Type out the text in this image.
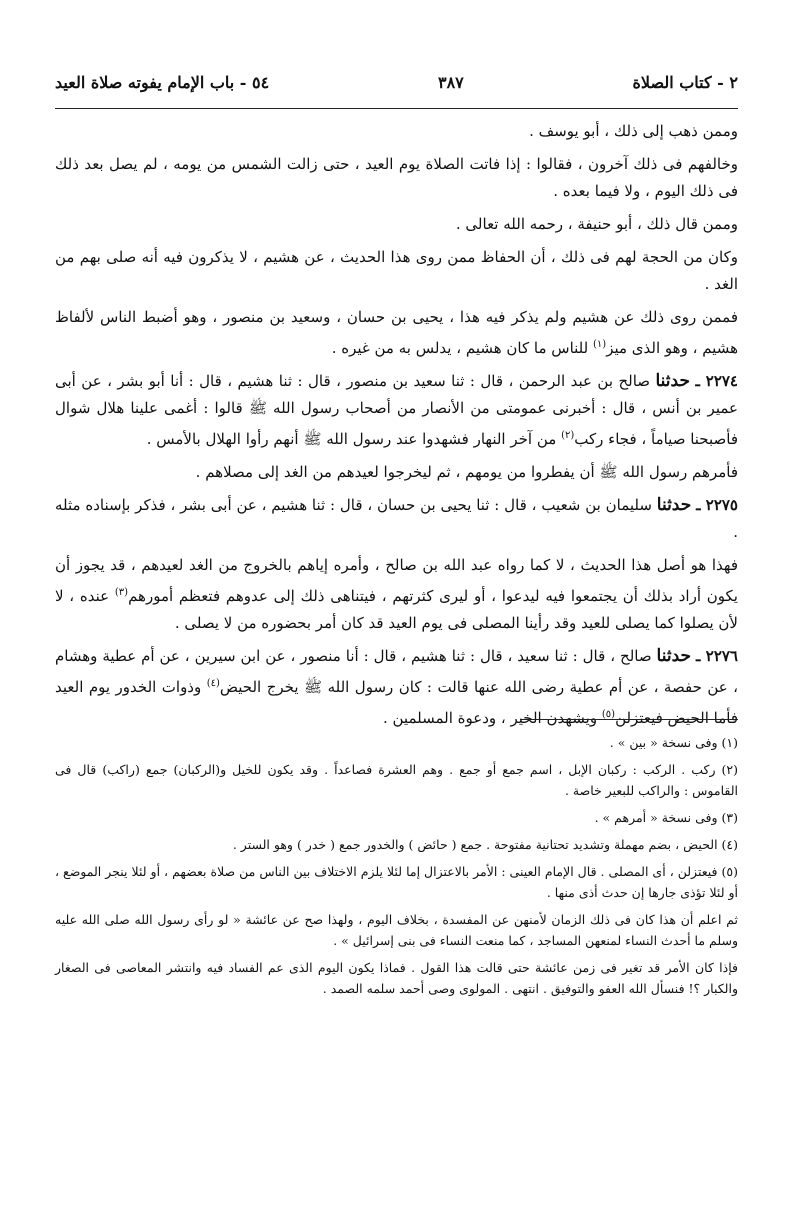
٥٤ - باب الإمام يفوته صلاة العيد	٣٨٧	٢ - كتاب الصلاة

وممن ذهب إلى ذلك ، أبو يوسف .

وخالفهم فى ذلك آخرون ، فقالوا : إذا فاتت الصلاة يوم العيد ، حتى زالت الشمس من يومه ، لم يصل بعد ذلك فى ذلك اليوم ، ولا فيما بعده .

وممن قال ذلك ، أبو حنيفة ، رحمه الله تعالى .

وكان من الحجة لهم فى ذلك ، أن الحفاظ ممن روى هذا الحديث ، عن هشيم ، لا يذكرون فيه أنه صلى بهم من الغد .

فممن روى ذلك عن هشيم ولم يذكر فيه هذا ، يحيى بن حسان ، وسعيد بن منصور ، وهو أضبط الناس لألفاظ هشيم ، وهو الذى ميز$^{(١)}$ للناس ما كان هشيم ، يدلس به من غيره .

٢٢٧٤ ـ حدثنا صالح بن عبد الرحمن ، قال : ثنا سعيد بن منصور ، قال : ثنا هشيم ، قال : أنا أبو بشر ، عن أبى عمير بن أنس ، قال : أخبرنى عمومتى من الأنصار من أصحاب رسول الله ﷺ قالوا : أغمى علينا هلال شوال فأصبحنا صياماً ، فجاء ركب$^{(٢)}$ من آخر النهار فشهدوا عند رسول الله ﷺ أنهم رأوا الهلال بالأمس .

فأمرهم رسول الله ﷺ أن يفطروا من يومهم ، ثم ليخرجوا لعيدهم من الغد إلى مصلاهم .

٢٢٧٥ ـ حدثنا سليمان بن شعيب ، قال : ثنا يحيى بن حسان ، قال : ثنا هشيم ، عن أبى بشر ، فذكر بإسناده مثله .

فهذا هو أصل هذا الحديث ، لا كما رواه عبد الله بن صالح ، وأمره إياهم بالخروج من الغد لعيدهم ، قد يجوز أن يكون أراد بذلك أن يجتمعوا فيه ليدعوا ، أو ليرى كثرتهم ، فيتناهى ذلك إلى عدوهم فتعظم أمورهم$^{(٣)}$ عنده ، لا لأن يصلوا كما يصلى للعيد وقد رأينا المصلى فى يوم العيد قد كان أمر بحضوره من لا يصلى .

٢٢٧٦ ـ حدثنا صالح ، قال : ثنا سعيد ، قال : ثنا هشيم ، قال : أنا منصور ، عن ابن سيرين ، عن أم عطية وهشام ، عن حفصة ، عن أم عطية رضى الله عنها قالت : كان رسول الله ﷺ يخرج الحيض$^{(٤)}$ وذوات الخدور يوم العيد فأما الحيض فيعتزلن$^{(٥)}$ ويشهدن الخير ، ودعوة المسلمين .

(١) وفى نسخة « بين » .

(٢) ركب . الركب : ركبان الإبل ، اسم جمع أو جمع . وهم العشرة فصاعداً . وقد يكون للخيل و(الركبان) جمع (راكب) قال فى القاموس : والراكب للبعير خاصة .

(٣) وفى نسخة « أمرهم » .

(٤) الحيض ، بضم مهملة وتشديد تحتانية مفتوحة . جمع ( حائض ) والخدور جمع ( خدر ) وهو الستر .

(٥) فيعتزلن ، أى المصلى . قال الإمام العينى : الأمر بالاعتزال إما لئلا يلزم الاختلاف بين الناس من صلاة بعضهم ، أو لئلا ينجر الموضع ، أو لئلا تؤذى جارها إن حدث أذى منها .

ثم اعلم أن هذا كان فى ذلك الزمان لأمنهن عن المفسدة ، بخلاف اليوم ، ولهذا صح عن عائشة « لو رأى رسول الله صلى الله عليه وسلم ما أحدث النساء لمنعهن المساجد ، كما منعت النساء فى بنى إسرائيل » .

فإذا كان الأمر قد تغير فى زمن عائشة حتى قالت هذا القول . فماذا يكون اليوم الذى عم الفساد فيه وانتشر المعاصى فى الصغار والكبار ؟! فنسأل الله العفو والتوفيق . انتهى . المولوى وصى أحمد سلمه الصمد .
